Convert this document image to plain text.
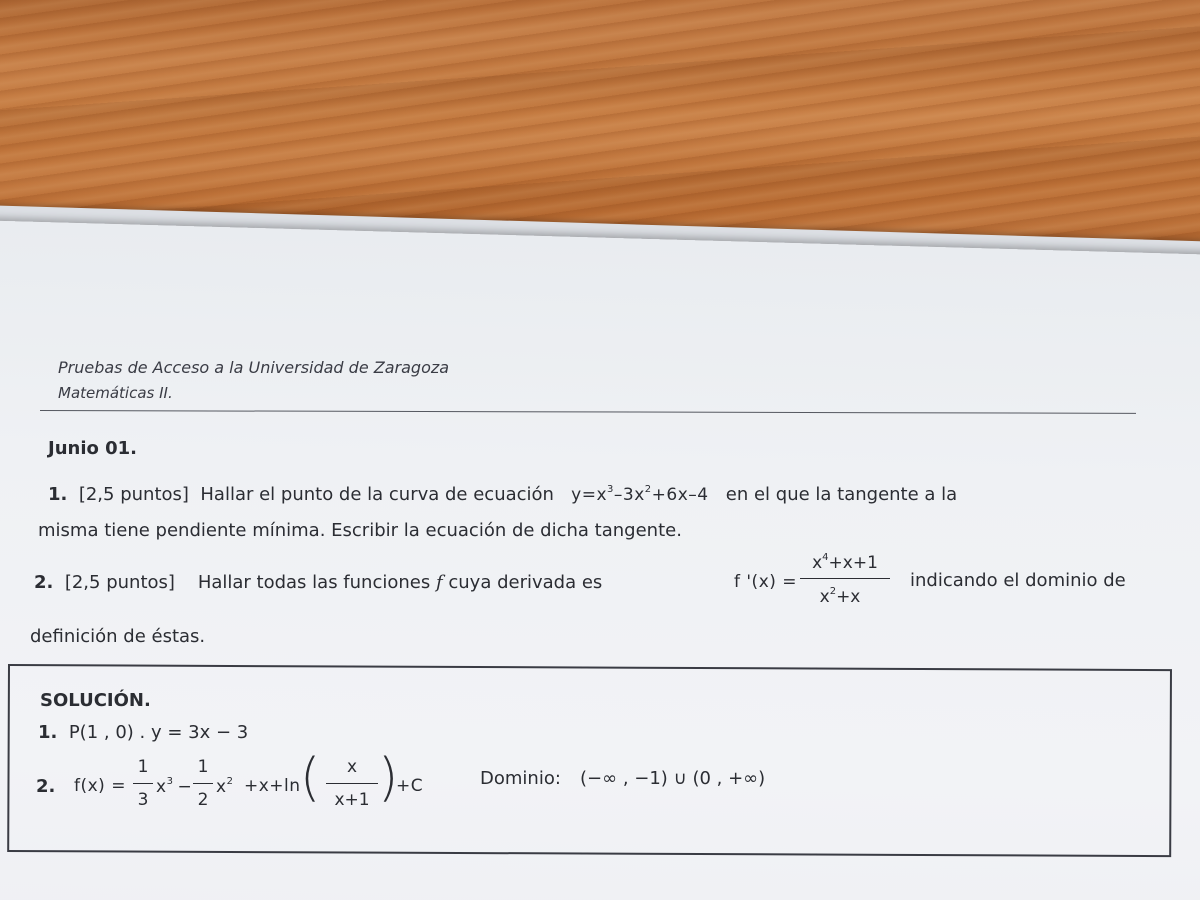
Pruebas de Acceso a la Universidad de Zaragoza
Matemáticas II.
Junio 01.
1. [2,5 puntos] Hallar el punto de la curva de ecuación $y=x^3-3x^2+6x-4$ en el que la tangente a la
misma tiene pendiente mínima. Escribir la ecuación de dicha tangente.
2. [2,5 puntos] Hallar todas las funciones f cuya derivada es	f '(x) =
$x^4+x+1$
$x^2+x$
indicando el dominio de
definición de éstas.
SOLUCIÓN.
1. P(1 , 0) . y = 3x − 3
2. f(x) =
1
3
$x^3$ −
1
2
$x^2 +x+\ln$ (	x
x+1 )
+C	Dominio: (−∞ , −1) ∪ (0 , +∞)
